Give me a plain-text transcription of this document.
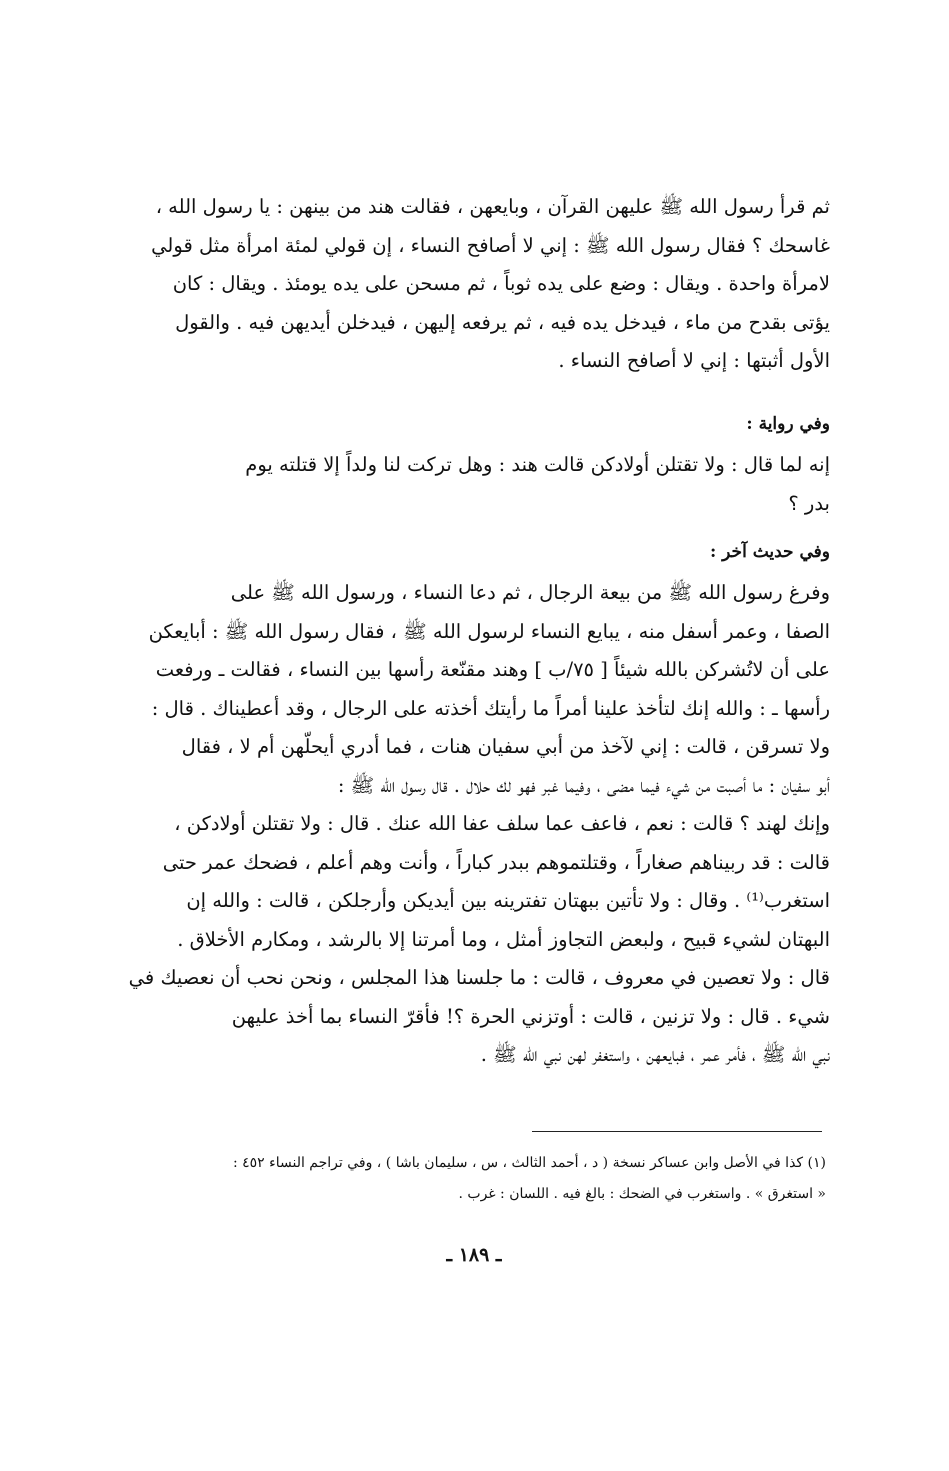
ثم قرأ رسول الله ﷺ عليهن القرآن ، وبايعهن ، فقالت هند من بينهن : يا رسول الله ،

غاسحك ؟ فقال رسول الله ﷺ : إني لا أصافح النساء ، إن قولي لمئة امرأة مثل قولي

لامرأة واحدة . ويقال : وضع على يده ثوباً ، ثم مسحن على يده يومئذ . ويقال : كان

يؤتى بقدح من ماء ، فيدخل يده فيه ، ثم يرفعه إليهن ، فيدخلن أيديهن فيه . والقول

الأول أثبتها : إني لا أصافح النساء .

وفي رواية :

إنه لما قال : ولا تقتلن أولادكن قالت هند : وهل تركت لنا ولداً إلا قتلته يوم

بدر ؟

وفي حديث آخر :

وفرغ رسول الله ﷺ من بيعة الرجال ، ثم دعا النساء ، ورسول الله ﷺ على

الصفا ، وعمر أسفل منه ، يبايع النساء لرسول الله ﷺ ، فقال رسول الله ﷺ : أبايعكن

على أن لاتُشركن بالله شيئاً [ ٧٥/ب ] وهند مقنّعة رأسها بين النساء ، فقالت ـ ورفعت

رأسها ـ : والله إنك لتأخذ علينا أمراً ما رأيتك أخذته على الرجال ، وقد أعطيناك . قال :

ولا تسرقن ، قالت : إني لآخذ من أبي سفيان هنات ، فما أدري أيحلّهن أم لا ، فقال

أبو سفيان : ما أصبت من شيء فيما مضى ، وفيما غبر فهو لك حلال . قال رسول الله ﷺ :

وإنك لهند ؟ قالت : نعم ، فاعف عما سلف عفا الله عنك . قال : ولا تقتلن أولادكن ،

قالت : قد ربيناهم صغاراً ، وقتلتموهم ببدر كباراً ، وأنت وهم أعلم ، فضحك عمر حتى

استغرب⁽¹⁾ . وقال : ولا تأتين ببهتان تفترينه بين أيديكن وأرجلكن ، قالت : والله إن

البهتان لشيء قبيح ، ولبعض التجاوز أمثل ، وما أمرتنا إلا بالرشد ، ومكارم الأخلاق .

قال : ولا تعصين في معروف ، قالت : ما جلسنا هذا المجلس ، ونحن نحب أن نعصيك في

شيء . قال : ولا تزنين ، قالت : أوتزني الحرة ؟! فأقرّ النساء بما أخذ عليهن

نبي الله ﷺ ، فأمر عمر ، فبايعهن ، واستغفر لهن نبي الله ﷺ .

(١) كذا في الأصل وابن عساكر نسخة ( د ، أحمد الثالث ، س ، سليمان باشا ) ، وفي تراجم النساء ٤٥٢ :

« استغرق » . واستغرب في الضحك : بالغ فيه . اللسان : غرب .

ـ ١٨٩ ـ
